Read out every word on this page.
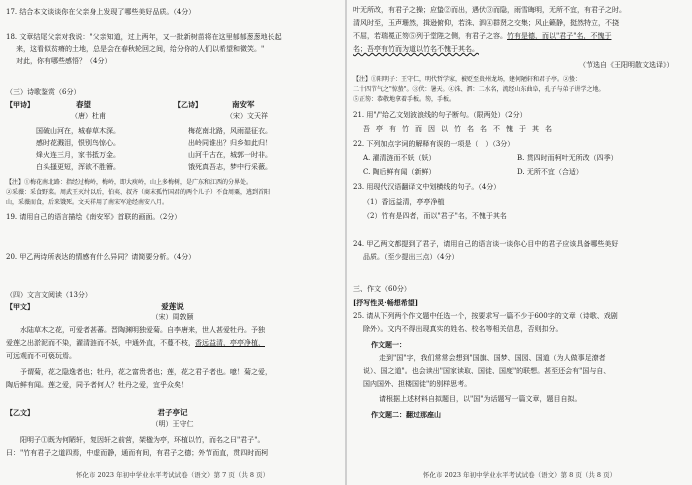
17. 结合本文谈谈你在父亲身上发现了哪些美好品质。（4分）
18. 文章结尾父亲对我说："父亲知道，过上两年，又一批新树苗将在这里郁郁葱葱地长起
来，这看似贫瘠的土地，总是会在春秋轮回之间，给分你的人们以希望和微笑。"
对此，你有哪些感悟？（4分）
（三）诗歌鉴赏（6分）
【甲诗】	春望	【乙诗】	南安军
（唐）杜甫	（宋）文天祥
国破山河在，城春草木深。
感时花溅泪，恨别鸟惊心。
烽火连三月，家书抵万金。
白头搔更短，浑欲不胜簪。
梅花南北路，风雨湿征衣。
出岭同谁出？归乡如此归！
山河千古在，城郭一时非。
饿死真吾志，梦中行采薇。
【注】①梅花南北路：指经过梅岭，梅岭，即大庾岭，山上多梅树，是广东和江西的分界处。
②采薇：采食野菜。周武王灭纣以后，伯夷、叔齐（商末孤竹国君的两个儿子）不食周粟，逃到首阳
山，采薇而食，后来饿死。文天祥用了南宋军途经南安八月。
19. 请用自己的语言描绘《南安军》首联的画面。（2分）
20. 甲乙两诗所表达的情感有什么异同？请简要分析。（4分）
（四）文言文阅读（13分）
【甲文】	爱莲说
（宋）周敦颐
水陆草木之花，可爱者甚蕃。晋陶渊明独爱菊。自李唐来，世人甚爱牡丹。予独
爱莲之出淤泥而不染，濯清涟而不妖，中通外直，不蔓不枝，香远益清，亭亭净植，
可远观而不可亵玩焉。
予谓菊，花之隐逸者也；牡丹，花之富贵者也；莲，花之君子者也。噫！菊之爱，
陶后鲜有闻。莲之爱，同予者何人？牡丹之爱，宜乎众矣！
【乙文】	君子亭记
（明）王守仁
阳明子①既为何陋轩，复因轩之前营，架楹为亭，环植以竹，而名之曰"君子"。
曰："竹有君子之道四焉，中虚而静，通而有间，有君子之德；外节而直，贯四时而柯
怀化市 2023 年初中学业水平考试试卷（语文）第 7 页（共 8 页）
叶无所改，有君子之操；应蛰②而出，遇伏③而隐，雨雪晦明，无所不宜，有君子之时。
清风时至，玉声珊然，揖逊俯仰，若洙、泗④群贤之交集；风止籁静，挺然特立，不挠
不屈，若瑞冕正笏⑤列于堂陛之侧，有君子之容。竹有是德，而以"君子"名，不愧于
名；吾亭有竹而为道以竹名不愧于其名。
（节选自《王阳明散文选译》）
【注】①阳明子：王守仁，明代哲学家，被贬至贵州龙场，建何陋轩和君子亭。②蛰：
二十四节气之"惊蛰"。③伏：暑天。④洙、泗：二水名，流经山东曲阜，孔子与弟子讲学之地。
⑤正笏：恭敬地拿着手板。笏，手板。
21. 用"/"给乙文划波浪线的句子断句。（限两处）（2分）
吾亭有竹而因以竹名名不愧于其名
22. 下列加点字词的解释有误的一项是（　）（3分）
A. 濯清涟而不妖（妖）	B. 贯四时而柯叶无所改（四季）
C. 陶后鲜有闻（新鲜）	D. 无所不宜（合适）
23. 用现代汉语翻译文中划横线的句子。（4分）
（1）香远益清，亭亭净植
（2）竹有是四者，而以"君子"名，不愧于其名
24. 甲乙两文都提到了君子，请用自己的语言谈一谈你心目中的君子应该具备哪些美好
品质。（至少提出三点）（4分）
三、作文（60分）
[抒写性灵·畅想希望]
25. 请从下列两个作文题中任选一个，按要求写一篇不少于600字的文章（诗歌、戏剧
除外）。文内不得出现真实的姓名、校名等相关信息，否则扣分。
作文题一：
走到"国"字，我们常常会想到"国旗、国梦、国园、国道（为人做事足潦者
说）、国之道"。也会读出"国家读取、国徒、国度"的联想。甚至还会有"国与自、
国内国外、担楼国徒"的别样思考。
请根据上述材料自拟题目，以"国"为话题写一篇文章，题目自拟。
作文题二：翻过那座山
怀化市 2023 年初中学业水平考试试卷（语文）第 8 页（共 8 页）
